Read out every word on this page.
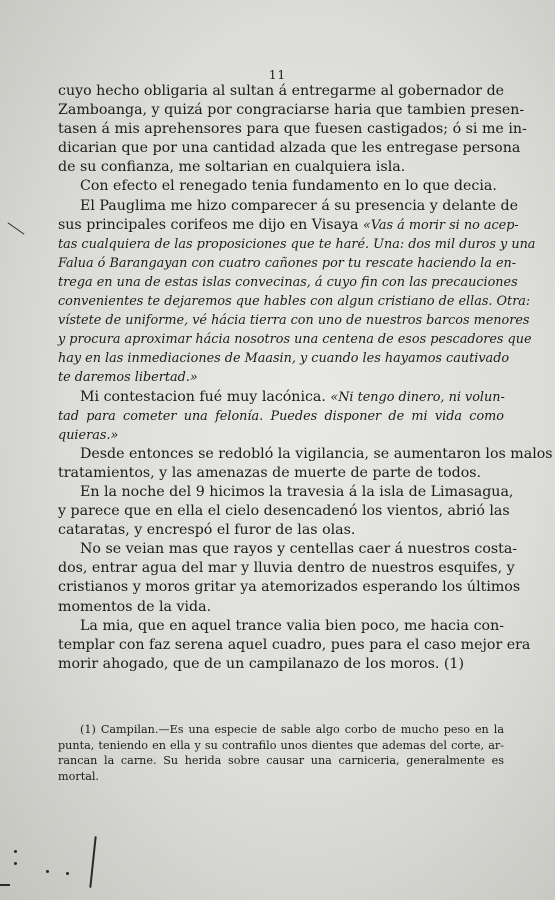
11
cuyo hecho obligaria al sultan á entregarme al gobernador de
Zamboanga, y quizá por congraciarse haria que tambien presen-
tasen á mis aprehensores para que fuesen castigados; ó si me in-
dicarian que por una cantidad alzada que les entregase persona
de su confianza, me soltarian en cualquiera isla.
Con efecto el renegado tenia fundamento en lo que decia.
El Pauglima me hizo comparecer á su presencia y delante de
sus principales corifeos me dijo en Visaya «Vas á morir si no acep-
tas cualquiera de las proposiciones que te haré. Una: dos mil duros y una
Falua ó Barangayan con cuatro cañones por tu rescate haciendo la en-
trega en una de estas islas convecinas, á cuyo fin con las precauciones
convenientes te dejaremos que hables con algun cristiano de ellas. Otra:
vístete de uniforme, vé hácia tierra con uno de nuestros barcos menores
y procura aproximar hácia nosotros una centena de esos pescadores que
hay en las inmediaciones de Maasin, y cuando les hayamos cautivado
te daremos libertad.»
Mi contestacion fué muy lacónica. «Ni tengo dinero, ni volun-
tad para cometer una felonía. Puedes disponer de mi vida como
quieras.»
Desde entonces se redobló la vigilancia, se aumentaron los malos
tratamientos, y las amenazas de muerte de parte de todos.
En la noche del 9 hicimos la travesia á la isla de Limasagua,
y parece que en ella el cielo desencadenó los vientos, abrió las
cataratas, y encrespó el furor de las olas.
No se veian mas que rayos y centellas caer á nuestros costa-
dos, entrar agua del mar y lluvia dentro de nuestros esquifes, y
cristianos y moros gritar ya atemorizados esperando los últimos
momentos de la vida.
La mia, que en aquel trance valia bien poco, me hacia con-
templar con faz serena aquel cuadro, pues para el caso mejor era
morir ahogado, que de un campilanazo de los moros. (1)
(1) Campilan.—Es una especie de sable algo corbo de mucho peso en la
punta, teniendo en ella y su contrafilo unos dientes que ademas del corte, ar-
rancan la carne. Su herida sobre causar una carniceria, generalmente es
mortal.
